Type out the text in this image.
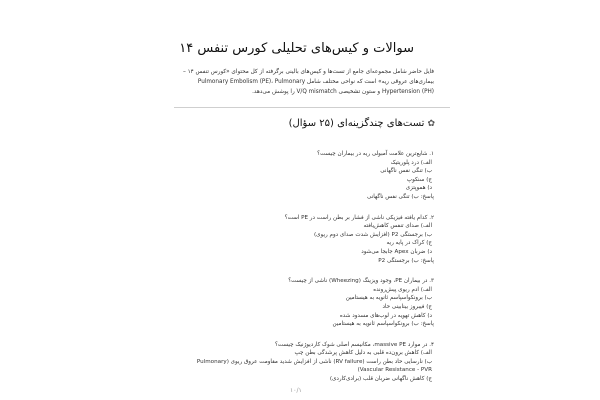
سوالات و کیس‌های تحلیلی کورس تنفس ۱۴

فایل حاضر شامل مجموعه‌ای جامع از تست‌ها و کیس‌های بالینی برگرفته از کل محتوای «کورس تنفس ۱۴ – بیماری‌های عروقی ریه» است که نواحی مختلف شامل Pulmonary Embolism (PE)، Pulmonary Hypertension (PH) و ستون تشخیصی V/Q mismatch را پوشش می‌دهد.

✿
تست‌های چندگزینه‌ای (۲۵ سؤال)
۱. شایع‌ترین علامت آمبولی ریه در بیماران چیست؟
الف) درد پلوریتیک
ب) تنگی نفس ناگهانی
ج) سنکوپ
د) هموپتزی
پاسخ: ب) تنگی نفس ناگهانی
۲. کدام یافته فیزیکی ناشی از فشار بر بطن راست در PE است؟
الف) صدای تنفس کاهش‌یافته
ب) برجستگی P2 (افزایش شدت صدای دوم ریوی)
ج) کراک در پایه ریه
د) ضربان Apex جابجا می‌شود
پاسخ: ب) برجستگی P2
۳. در بیماران PE، وجود ویزینگ (Wheezing) ناشی از چیست؟
الف) ادم ریوی پیش‌رونده
ب) برونکواسپاسم ثانویه به هیستامین
ج) فیبروز بینابینی حاد
د) کاهش تهویه در لوب‌های مسدود شده
پاسخ: ب) برونکواسپاسم ثانویه به هیستامین
۴. در موارد massive PE، مکانیسم اصلی شوک کاردیوژنیک چیست؟
الف) کاهش برون‌ده قلبی به دلیل کاهش پرشدگی بطن چپ
ب) نارسایی حاد بطن راست (RV failure) ناشی از افزایش شدید مقاومت عروق ریوی (Pulmonary
Vascular Resistance - PVR)
ج) کاهش ناگهانی ضربان قلب (برادی‌کاردی)
۱۰/۱
